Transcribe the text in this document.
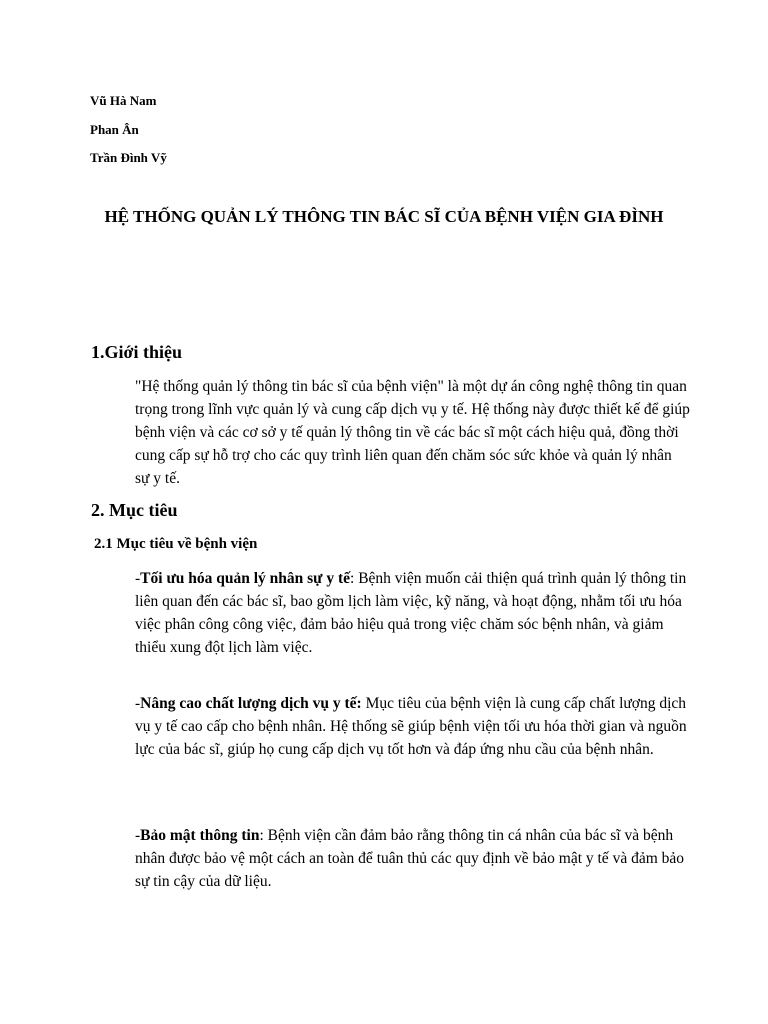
Vũ Hà Nam
Phan Ân
Trần Đình Vỹ
HỆ THỐNG QUẢN LÝ THÔNG TIN BÁC SĨ CỦA BỆNH VIỆN GIA ĐÌNH
1.Giới thiệu
"Hệ thống quản lý thông tin bác sĩ của bệnh viện" là một dự án công nghệ thông tin quan trọng trong lĩnh vực quản lý và cung cấp dịch vụ y tế. Hệ thống này được thiết kế để giúp bệnh viện và các cơ sở y tế quản lý thông tin về các bác sĩ một cách hiệu quả, đồng thời cung cấp sự hỗ trợ cho các quy trình liên quan đến chăm sóc sức khỏe và quản lý nhân sự y tế.
2. Mục tiêu
2.1 Mục tiêu về bệnh viện
-Tối ưu hóa quản lý nhân sự y tế: Bệnh viện muốn cải thiện quá trình quản lý thông tin liên quan đến các bác sĩ, bao gồm lịch làm việc, kỹ năng, và hoạt động, nhằm tối ưu hóa việc phân công công việc, đảm bảo hiệu quả trong việc chăm sóc bệnh nhân, và giảm thiểu xung đột lịch làm việc.
-Nâng cao chất lượng dịch vụ y tế: Mục tiêu của bệnh viện là cung cấp chất lượng dịch vụ y tế cao cấp cho bệnh nhân. Hệ thống sẽ giúp bệnh viện tối ưu hóa thời gian và nguồn lực của bác sĩ, giúp họ cung cấp dịch vụ tốt hơn và đáp ứng nhu cầu của bệnh nhân.
-Bảo mật thông tin: Bệnh viện cần đảm bảo rằng thông tin cá nhân của bác sĩ và bệnh nhân được bảo vệ một cách an toàn để tuân thủ các quy định về bảo mật y tế và đảm bảo sự tin cậy của dữ liệu.
